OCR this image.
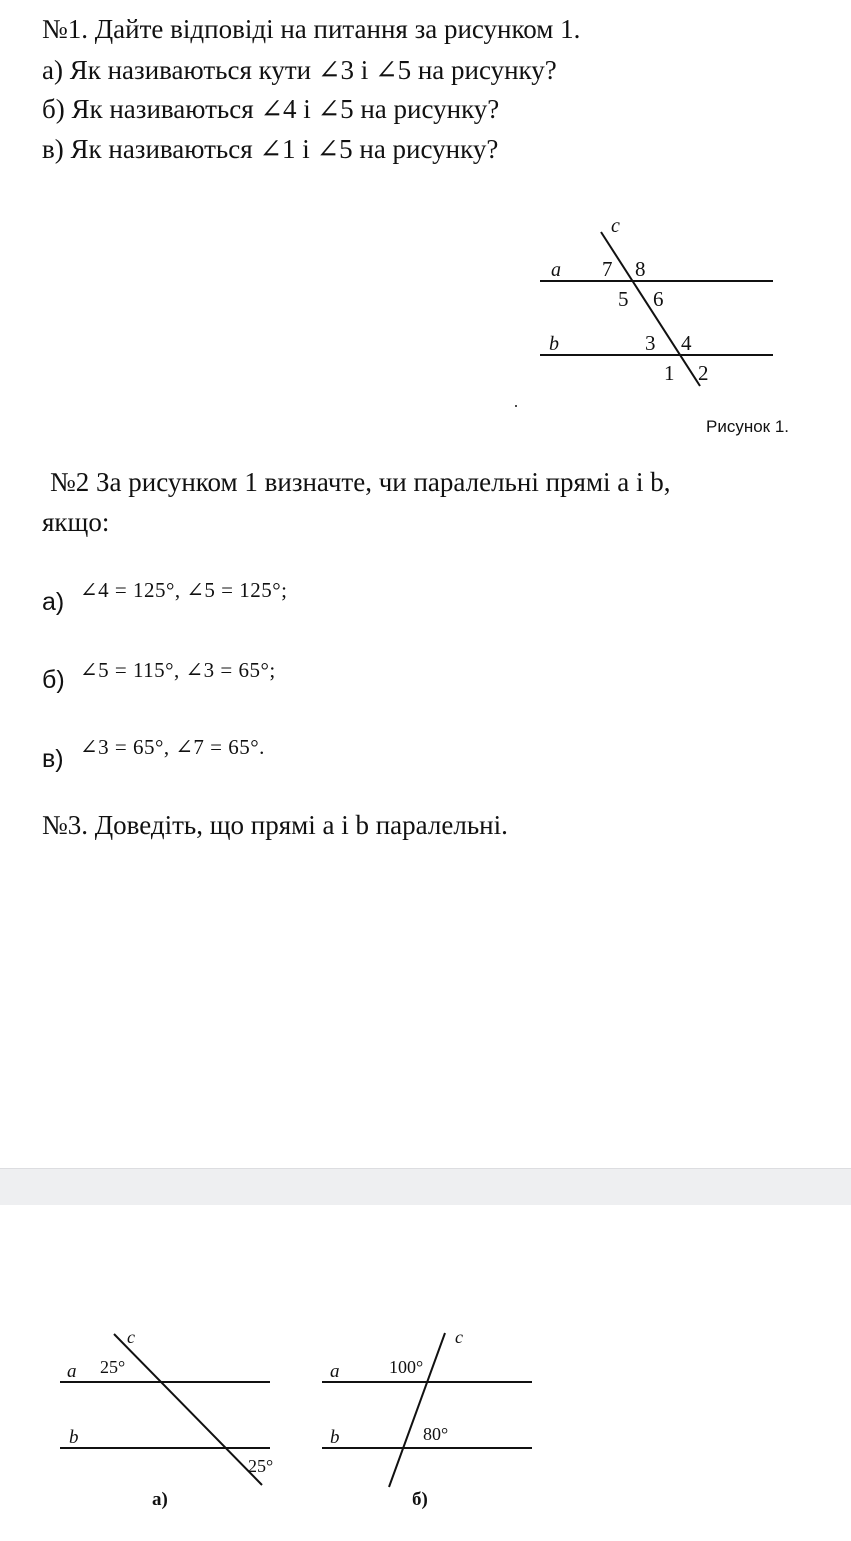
№1. Дайте відповіді на питання за рисунком 1.
а) Як називаються кути ∠3 і ∠5 на рисунку?
б) Як називаються ∠4 і ∠5 на рисунку?
в) Як називаються ∠1 і ∠5 на рисунку?
c
a
b
7 8
5 6
3 4
1 2
Рисунок 1.
№2 За рисунком 1 визначте, чи паралельні прямі а і b,
якщо:
а) ∠4 = 125°, ∠5 = 125°;
б) ∠5 = 115°, ∠3 = 65°;
в) ∠3 = 65°, ∠7 = 65°.
№3. Доведіть, що прямі а і b паралельні.
c
a
b
25°
25°
а)
c
a
b
100°
80°
б)
